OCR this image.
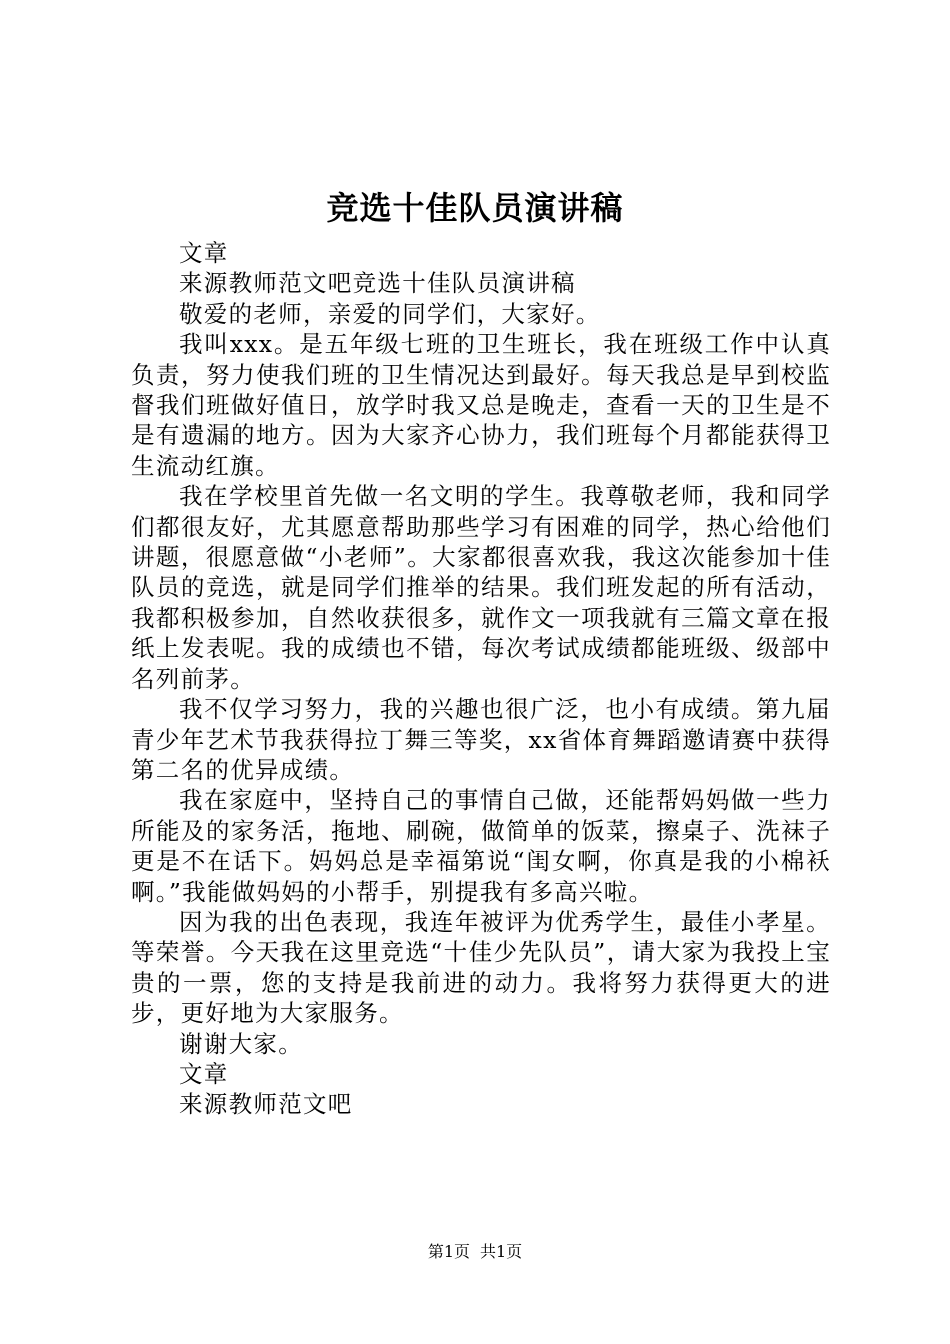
竞选十佳队员演讲稿

文章

来源教师范文吧竞选十佳队员演讲稿

敬爱的老师，亲爱的同学们，大家好。

我叫xxx。是五年级七班的卫生班长，我在班级工作中认真负责，努力使我们班的卫生情况达到最好。每天我总是早到校监督我们班做好值日，放学时我又总是晚走，查看一天的卫生是不是有遗漏的地方。因为大家齐心协力，我们班每个月都能获得卫生流动红旗。

我在学校里首先做一名文明的学生。我尊敬老师，我和同学们都很友好，尤其愿意帮助那些学习有困难的同学，热心给他们讲题，很愿意做“小老师”。大家都很喜欢我，我这次能参加十佳队员的竞选，就是同学们推举的结果。我们班发起的所有活动，我都积极参加，自然收获很多，就作文一项我就有三篇文章在报纸上发表呢。我的成绩也不错，每次考试成绩都能班级、级部中名列前茅。

我不仅学习努力，我的兴趣也很广泛，也小有成绩。第九届青少年艺术节我获得拉丁舞三等奖，xx省体育舞蹈邀请赛中获得第二名的优异成绩。

我在家庭中，坚持自己的事情自己做，还能帮妈妈做一些力所能及的家务活，拖地、刷碗，做简单的饭菜，擦桌子、洗袜子更是不在话下。妈妈总是幸福第说“闺女啊，你真是我的小棉袄啊。”我能做妈妈的小帮手，别提我有多高兴啦。

因为我的出色表现，我连年被评为优秀学生，最佳小孝星。等荣誉。今天我在这里竞选“十佳少先队员”，请大家为我投上宝贵的一票，您的支持是我前进的动力。我将努力获得更大的进步，更好地为大家服务。

谢谢大家。

文章

来源教师范文吧

第1页 共1页
